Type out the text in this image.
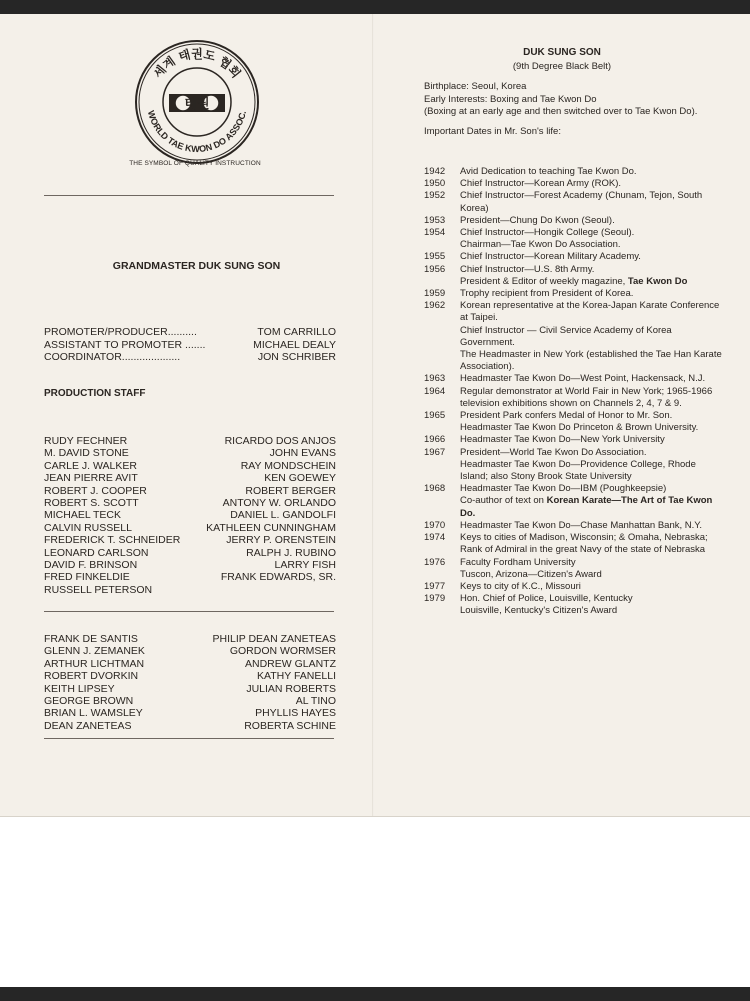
세계 태권도 협회
WORLD TAE KWON DO ASSOC.
태권
THE SYMBOL OF QUALITY INSTRUCTION
GRANDMASTER DUK SUNG SON
PROMOTER/PRODUCER..........	TOM CARRILLO
ASSISTANT TO PROMOTER .......	MICHAEL DEALY
COORDINATOR....................	JON SCHRIBER
PRODUCTION STAFF
RUDY FECHNER	RICARDO DOS ANJOS
M. DAVID STONE	JOHN EVANS
CARLE J. WALKER	RAY MONDSCHEIN
JEAN PIERRE AVIT	KEN GOEWEY
ROBERT J. COOPER	ROBERT BERGER
ROBERT S. SCOTT	ANTONY W. ORLANDO
MICHAEL TECK	DANIEL L. GANDOLFI
CALVIN RUSSELL	KATHLEEN CUNNINGHAM
FREDERICK T. SCHNEIDER	JERRY P. ORENSTEIN
LEONARD CARLSON	RALPH J. RUBINO
DAVID F. BRINSON	LARRY FISH
FRED FINKELDIE	FRANK EDWARDS, SR.
RUSSELL PETERSON
FRANK DE SANTIS	PHILIP DEAN ZANETEAS
GLENN J. ZEMANEK	GORDON WORMSER
ARTHUR LICHTMAN	ANDREW GLANTZ
ROBERT DVORKIN	KATHY FANELLI
KEITH LIPSEY	JULIAN ROBERTS
GEORGE BROWN	AL TINO
BRIAN L. WAMSLEY	PHYLLIS HAYES
DEAN ZANETEAS	ROBERTA SCHINE
DUK SUNG SON
(9th Degree Black Belt)
Birthplace: Seoul, Korea
Early Interests: Boxing and Tae Kwon Do
(Boxing at an early age and then switched over to Tae Kwon Do).
Important Dates in Mr. Son's life:
1942	Avid Dedication to teaching Tae Kwon Do.
1950	Chief Instructor—Korean Army (ROK).
1952	Chief Instructor—Forest Academy (Chunam, Tejon, South Korea)
1953	President—Chung Do Kwon (Seoul).
1954	Chief Instructor—Hongik College (Seoul).
Chairman—Tae Kwon Do Association.
1955	Chief Instructor—Korean Military Academy.
1956	Chief Instructor—U.S. 8th Army.
President & Editor of weekly magazine, Tae Kwon Do
1959	Trophy recipient from President of Korea.
1962	Korean representative at the Korea-Japan Karate Conference at Taipei.
Chief Instructor — Civil Service Academy of Korea Government.
The Headmaster in New York (established the Tae Han Karate Association).
1963	Headmaster Tae Kwon Do—West Point, Hackensack, N.J.
1964	Regular demonstrator at World Fair in New York; 1965-1966 television exhibitions shown on Channels 2, 4, 7 & 9.
1965	President Park confers Medal of Honor to Mr. Son. Headmaster Tae Kwon Do Princeton & Brown University.
1966	Headmaster Tae Kwon Do—New York University
1967	President—World Tae Kwon Do Association.
Headmaster Tae Kwon Do—Providence College, Rhode Island; also Stony Brook State University
1968	Headmaster Tae Kwon Do—IBM (Poughkeepsie)
Co-author of text on Korean Karate—The Art of Tae Kwon Do.
1970	Headmaster Tae Kwon Do—Chase Manhattan Bank, N.Y.
1974	Keys to cities of Madison, Wisconsin; & Omaha, Nebraska; Rank of Admiral in the great Navy of the state of Nebraska
1976	Faculty Fordham University
Tuscon, Arizona—Citizen's Award
1977	Keys to city of K.C., Missouri
1979	Hon. Chief of Police, Louisville, Kentucky
Louisville, Kentucky's Citizen's Award
